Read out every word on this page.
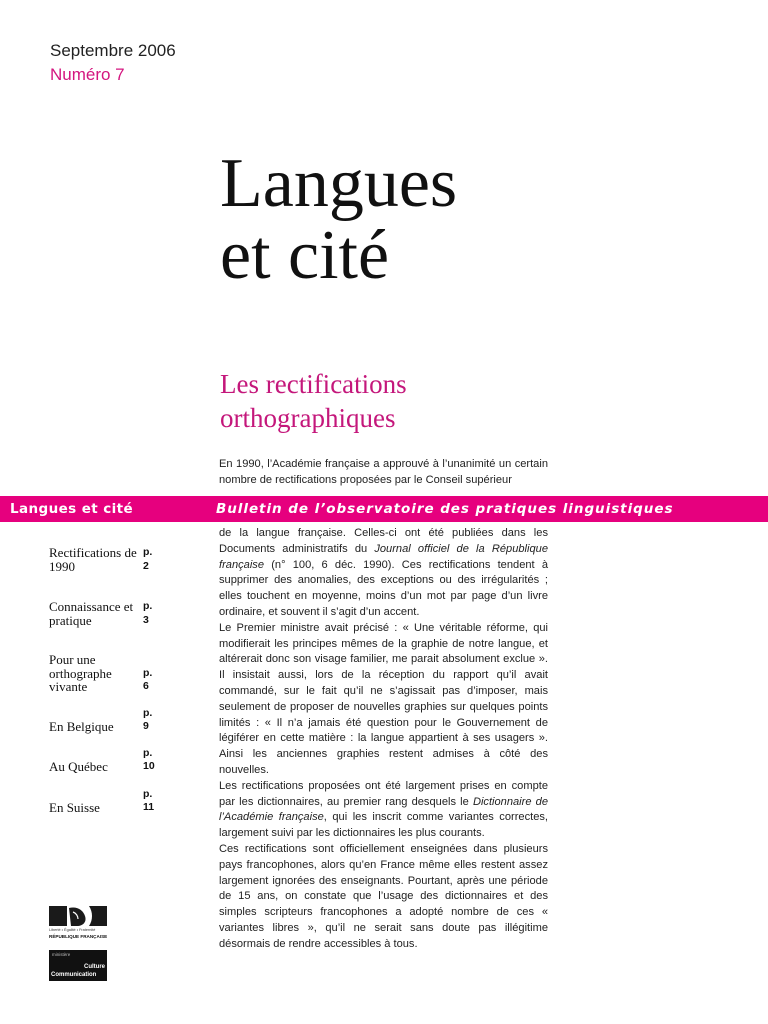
Septembre 2006
Numéro 7
Langues
et cité
Les rectifications
orthographiques
En 1990, l’Académie française a approuvé à l’unanimité un certain nombre de rectifications proposées par le Conseil supérieur
Langues et cité	Bulletin de l’observatoire des pratiques linguistiques

de la langue française. Celles-ci ont été publiées dans les Documents administratifs du Journal officiel de la République française (n° 100, 6 déc. 1990). Ces rectifications tendent à supprimer des anomalies, des exceptions ou des irrégularités ; elles touchent en moyenne, moins d’un mot par page d’un livre ordinaire, et souvent il s’agit d’un accent.

Le Premier ministre avait précisé : « Une véritable réforme, qui modifierait les principes mêmes de la graphie de notre langue, et altérerait donc son visage familier, me parait absolument exclue ». Il insistait aussi, lors de la réception du rapport qu’il avait commandé, sur le fait qu’il ne s’agissait pas d’imposer, mais seulement de proposer de nouvelles graphies sur quelques points limités : « Il n’a jamais été question pour le Gouvernement de légiférer en cette matière : la langue appartient à ses usagers ». Ainsi les anciennes graphies restent admises à côté des nouvelles.

Les rectifications proposées ont été largement prises en compte par les dictionnaires, au premier rang desquels le Dictionnaire de l’Académie française, qui les inscrit comme variantes correctes, largement suivi par les dictionnaires les plus courants.

Ces rectifications sont officiellement enseignées dans plusieurs pays francophones, alors qu’en France même elles restent assez largement ignorées des enseignants. Pourtant, après une période de 15 ans, on constate que l’usage des dictionnaires et des simples scripteurs francophones a adopté nombre de ces « variantes libres », qu’il ne serait sans doute pas illégitime désormais de rendre accessibles à tous.

Rectifications de 1990
p. 2
Connaissance et pratique
p. 3
Pour une orthographe vivante
p. 6
En Belgique
p. 9
Au Québec
p. 10
En Suisse
p. 11
Liberté • Égalité • Fraternité
RÉPUBLIQUE FRANÇAISE
ministère
Culture
Communication
